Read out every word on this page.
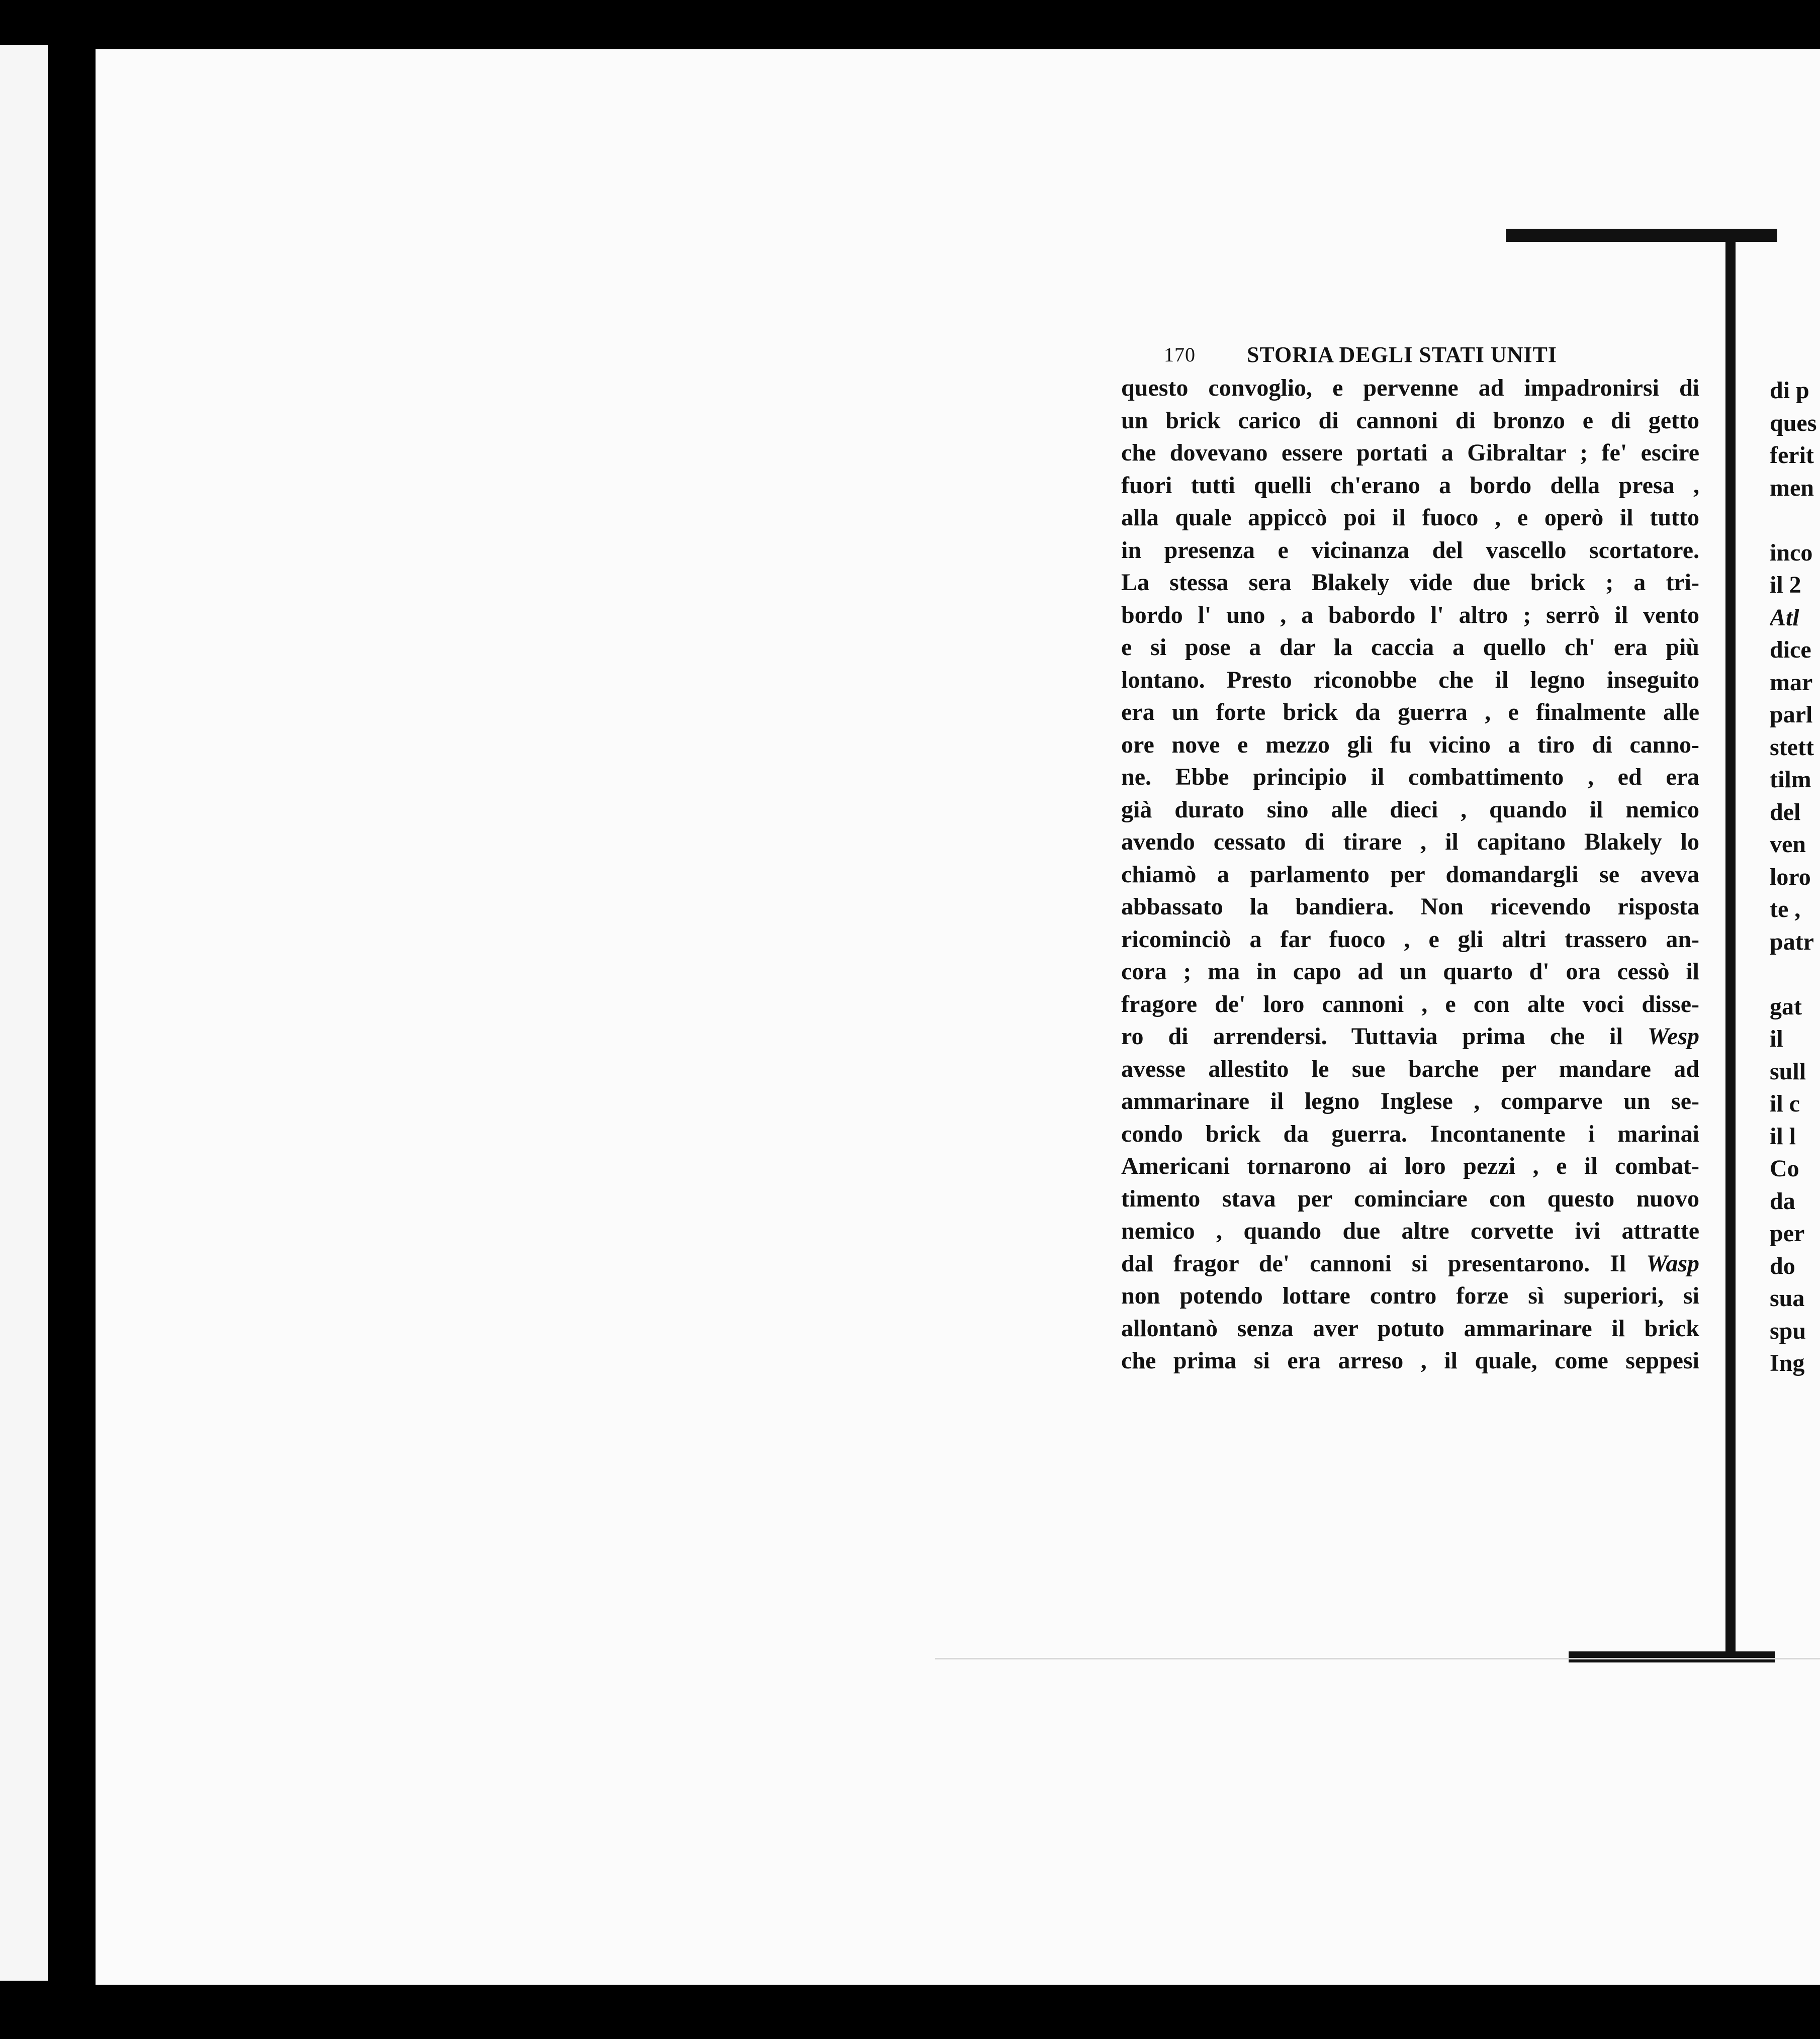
170 STORIA DEGLI STATI UNITI
questo convoglio, e pervenne ad impadronirsi di
un brick carico di cannoni di bronzo e di getto
che dovevano essere portati a Gibraltar ; fe' escire
fuori tutti quelli ch'erano a bordo della presa ,
alla quale appiccò poi il fuoco , e operò il tutto
in presenza e vicinanza del vascello scortatore.
La stessa sera Blakely vide due brick ; a tri-
bordo l' uno , a babordo l' altro ; serrò il vento
e si pose a dar la caccia a quello ch' era più
lontano. Presto riconobbe che il legno inseguito
era un forte brick da guerra , e finalmente alle
ore nove e mezzo gli fu vicino a tiro di canno-
ne. Ebbe principio il combattimento , ed era
già durato sino alle dieci , quando il nemico
avendo cessato di tirare , il capitano Blakely lo
chiamò a parlamento per domandargli se aveva
abbassato la bandiera. Non ricevendo risposta
ricominciò a far fuoco , e gli altri trassero an-
cora ; ma in capo ad un quarto d' ora cessò il
fragore de' loro cannoni , e con alte voci disse-
ro di arrendersi. Tuttavia prima che il Wesp
avesse allestito le sue barche per mandare ad
ammarinare il legno Inglese , comparve un se-
condo brick da guerra. Incontanente i marinai
Americani tornarono ai loro pezzi , e il combat-
timento stava per cominciare con questo nuovo
nemico , quando due altre corvette ivi attratte
dal fragor de' cannoni si presentarono. Il Wasp
non potendo lottare contro forze sì superiori, si
allontanò senza aver potuto ammarinare il brick
che prima si era arreso , il quale, come seppesi
di p
ques
ferit
men
inco
il 2
Atl
dice
mar
parl
stett
tilm
del
ven
loro
te ,
patr
gat
il
sull
il c
il l
Co
da
per
do
sua
spu
Ing
